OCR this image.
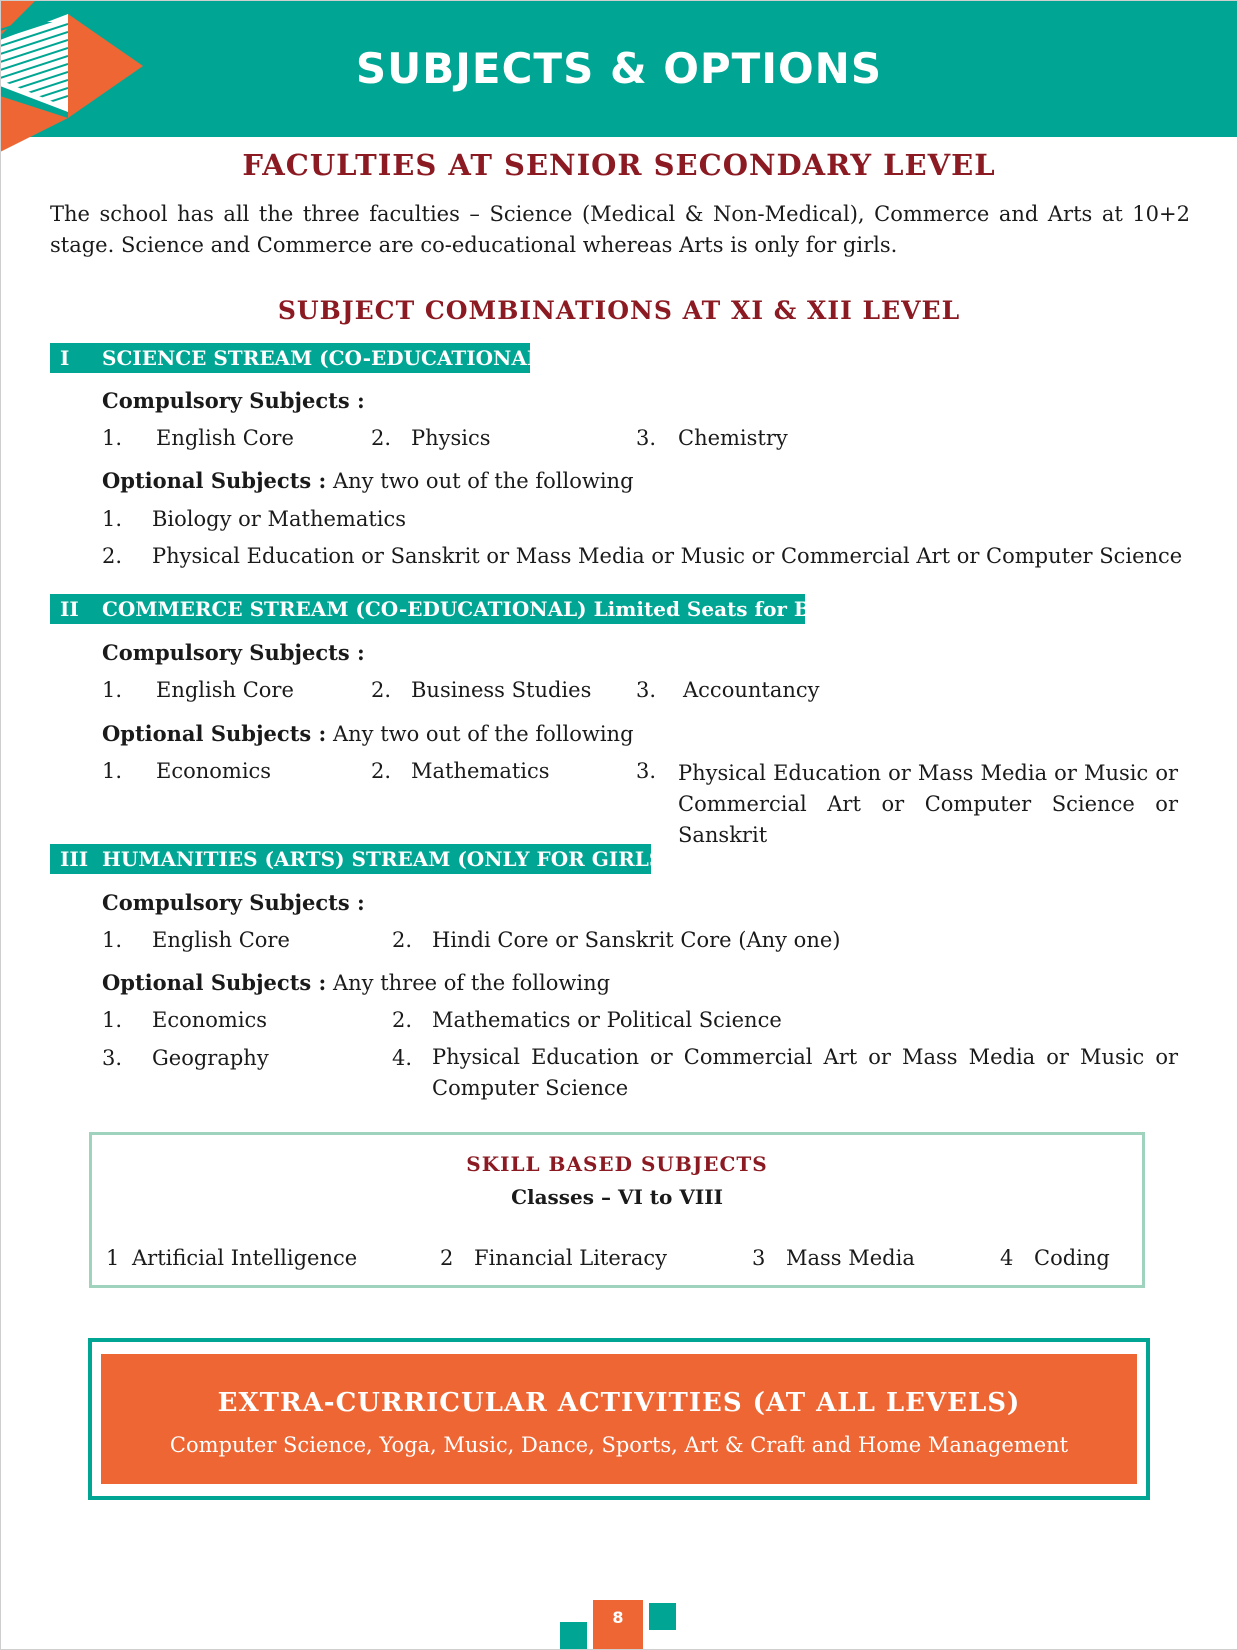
SUBJECTS & OPTIONS
FACULTIES AT SENIOR SECONDARY LEVEL
The school has all the three faculties – Science (Medical & Non-Medical), Commerce and Arts at 10+2 stage. Science and Commerce are co-educational whereas Arts is only for girls.
SUBJECT COMBINATIONS AT XI & XII LEVEL
I SCIENCE STREAM (CO-EDUCATIONAL)
Compulsory Subjects :
1. English Core	2. Physics	3. Chemistry
Optional Subjects : Any two out of the following
1. Biology or Mathematics
2. Physical Education or Sanskrit or Mass Media or Music or Commercial Art or Computer Science
II COMMERCE STREAM (CO-EDUCATIONAL) Limited Seats for Boys
Compulsory Subjects :
1. English Core	2. Business Studies 3. Accountancy
Optional Subjects : Any two out of the following
1. Economics	2. Mathematics	3. Physical Education or Mass Media or Music or Commercial Art or Computer Science or Sanskrit
III HUMANITIES (ARTS) STREAM (ONLY FOR GIRLS)
Compulsory Subjects :
1. English Core	2. Hindi Core or Sanskrit Core (Any one)
Optional Subjects : Any three of the following
1. Economics	2. Mathematics or Political Science
3. Geography	4. Physical Education or Commercial Art or Mass Media or Music or Computer Science
SKILL BASED SUBJECTS
Classes – VI to VIII
1 Artificial Intelligence	2 Financial Literacy	3 Mass Media	4 Coding
EXTRA-CURRICULAR ACTIVITIES (AT ALL LEVELS)
Computer Science, Yoga, Music, Dance, Sports, Art & Craft and Home Management
8
